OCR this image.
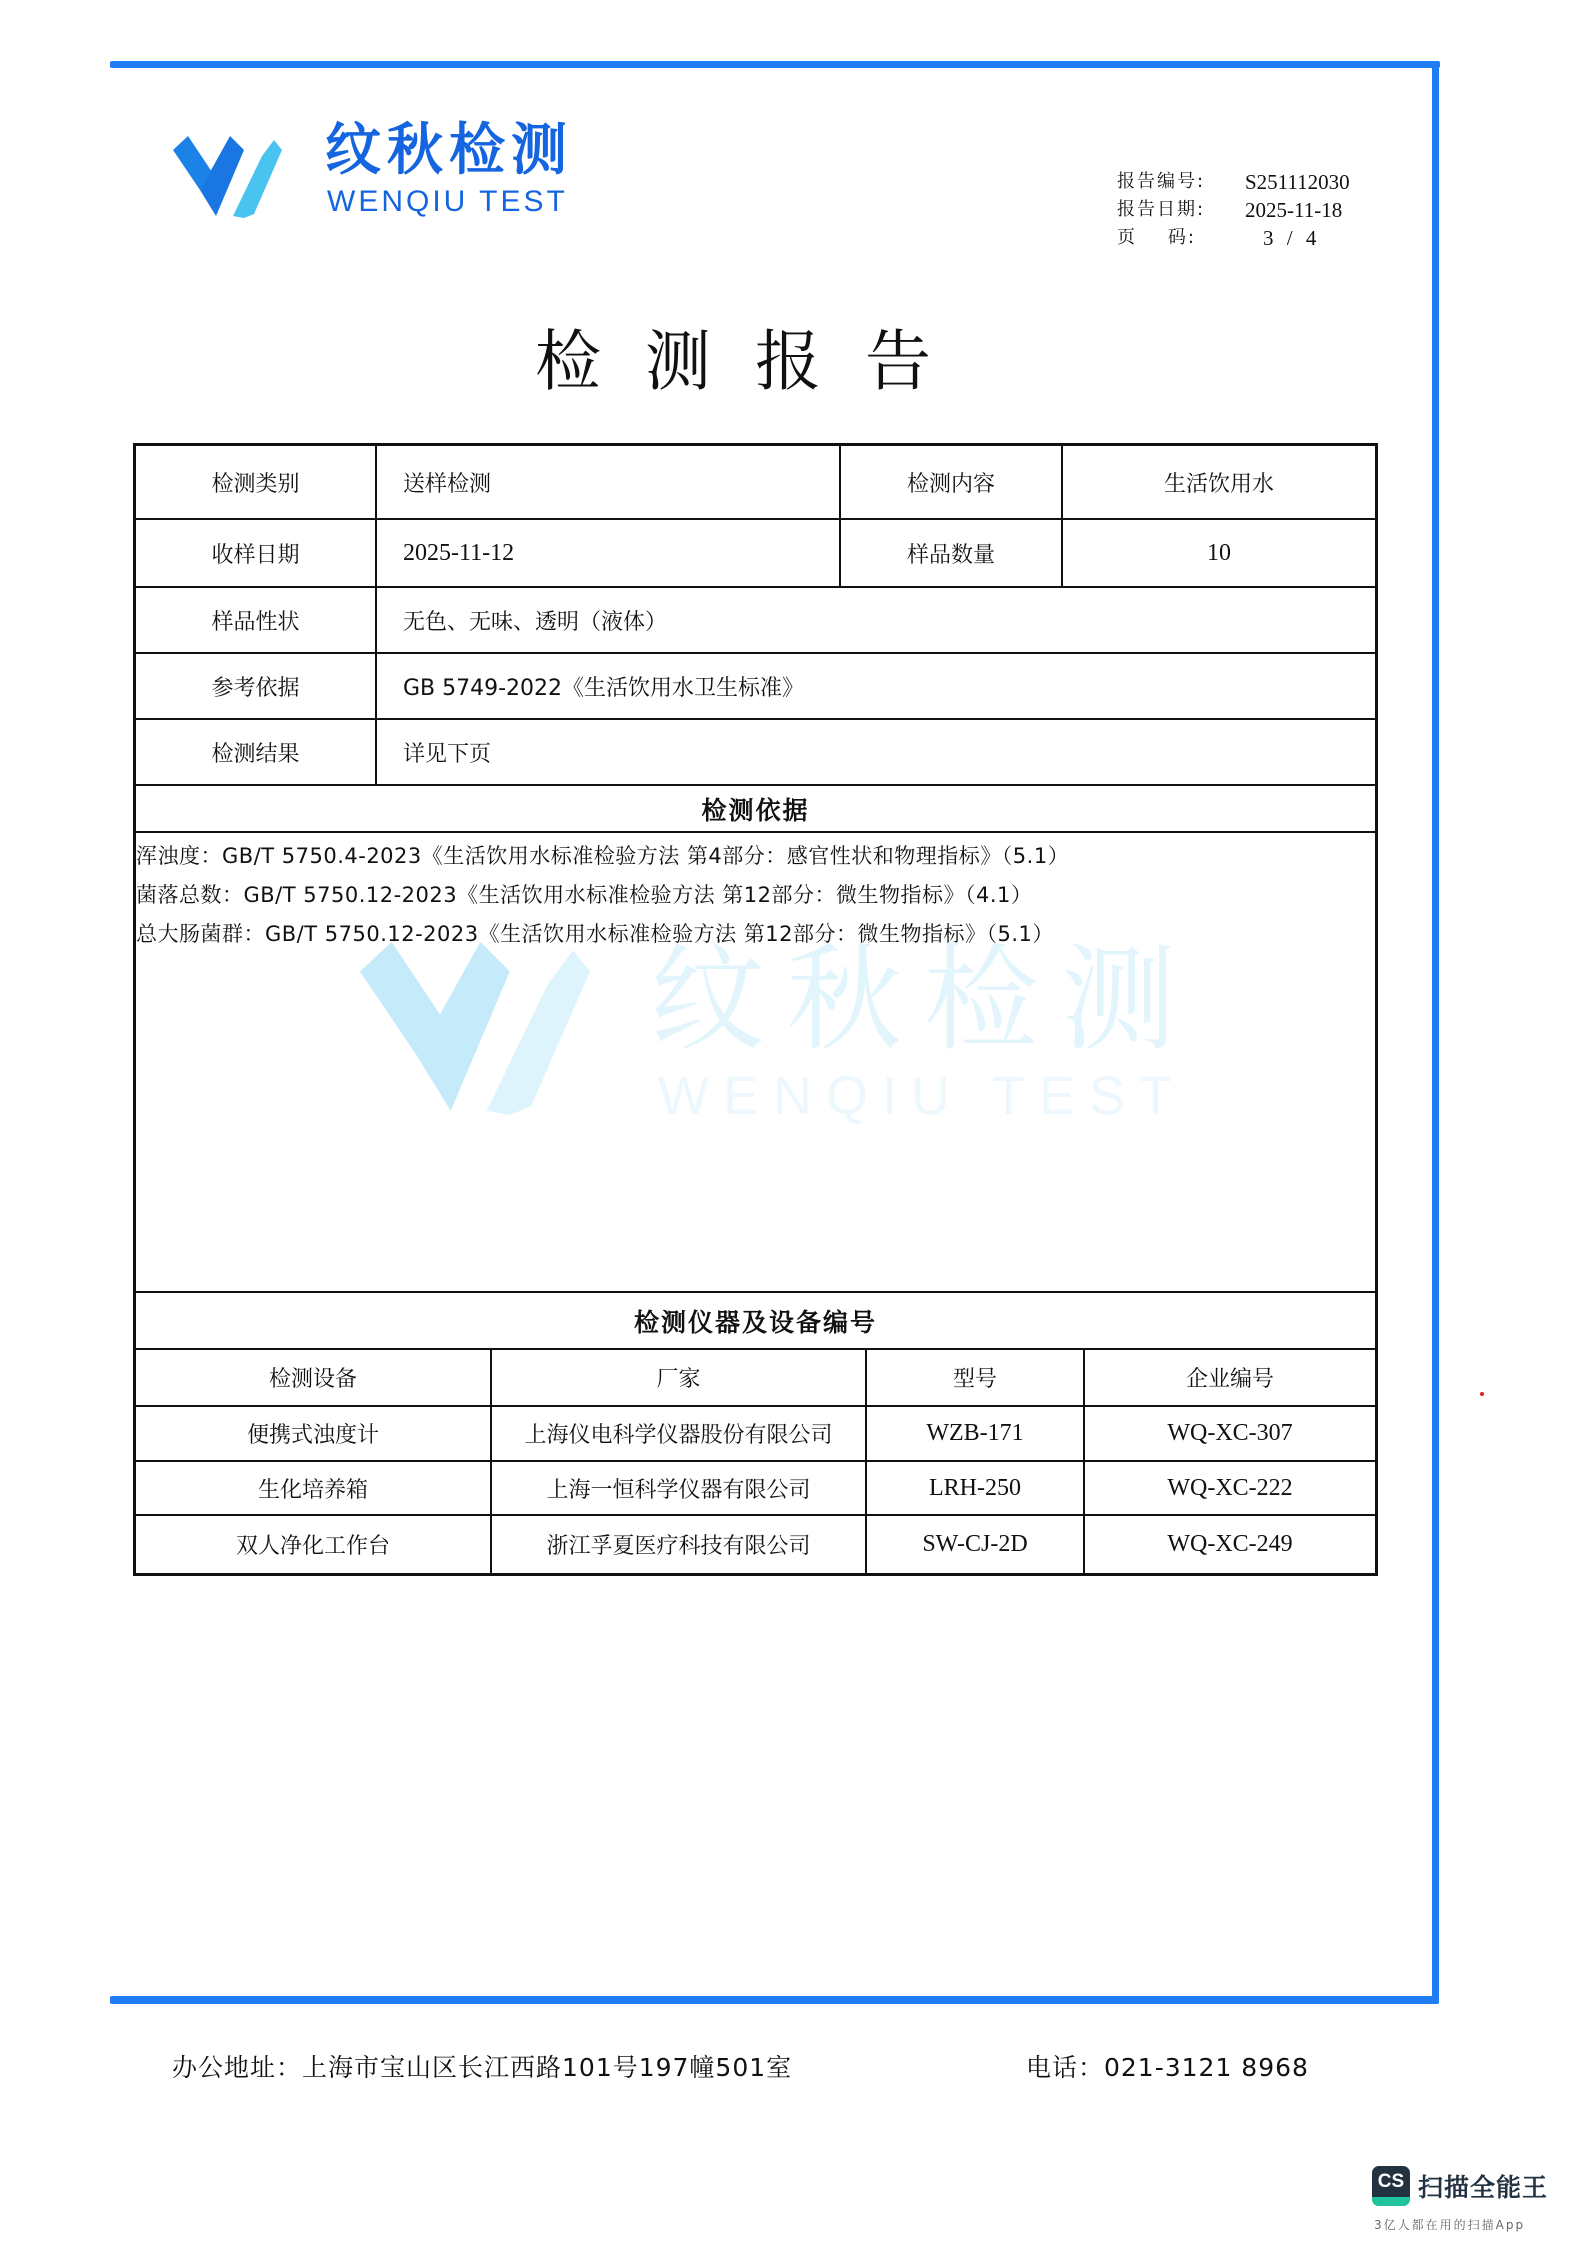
纹秋检测
WENQIU TEST
报告编号:	S251112030
报告日期:	2025-11-18
页    码:	3 / 4
检测报告
纹秋检测
WENQIU TEST
检测类别	送样检测	检测内容	生活饮用水
收样日期	2025-11-12	样品数量	10
样品性状	无色、无味、透明（液体）
参考依据	GB 5749-2022《生活饮用水卫生标准》
检测结果	详见下页
检测依据
浑浊度：GB/T 5750.4-2023《生活饮用水标准检验方法 第4部分：感官性状和物理指标》（5.1）
菌落总数：GB/T 5750.12-2023《生活饮用水标准检验方法 第12部分：微生物指标》（4.1）
总大肠菌群：GB/T 5750.12-2023《生活饮用水标准检验方法 第12部分：微生物指标》（5.1）
检测仪器及设备编号
检测设备	厂家	型号	企业编号
便携式浊度计	上海仪电科学仪器股份有限公司	WZB-171	WQ-XC-307
生化培养箱	上海一恒科学仪器有限公司	LRH-250	WQ-XC-222
双人净化工作台	浙江孚夏医疗科技有限公司	SW-CJ-2D	WQ-XC-249
办公地址：上海市宝山区长江西路101号197幢501室	电话：021-3121 8968
CS 扫描全能王
3亿人都在用的扫描App
